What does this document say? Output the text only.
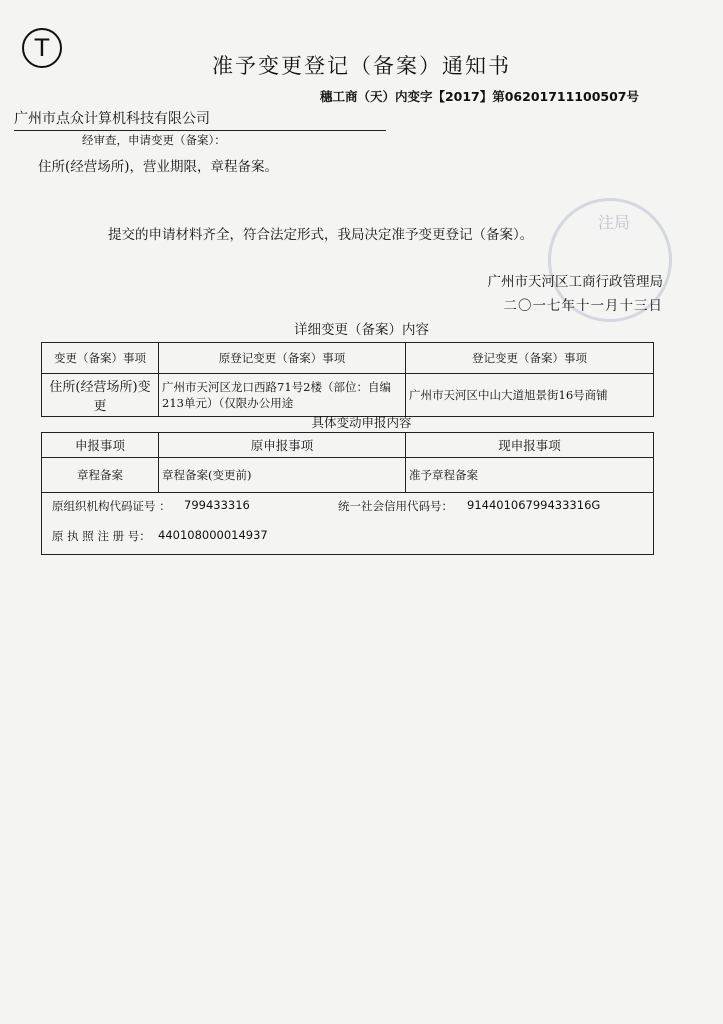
T
准予变更登记（备案）通知书
穗工商（天）内变字【2017】第06201711100507号
广州市点众计算机科技有限公司
经审查，申请变更（备案）：
住所(经营场所)，营业期限，章程备案。
提交的申请材料齐全，符合法定形式，我局决定准予变更登记（备案）。
注局
广州市天河区工商行政管理局
二〇一七年十一月十三日
详细变更（备案）内容
变更（备案）事项	原登记变更（备案）事项	登记变更（备案）事项
住所(经营场所)变更	广州市天河区龙口西路71号2楼（部位：自编213单元）（仅限办公用途	广州市天河区中山大道旭景街16号商铺
具体变动申报内容
申报事项	原申报事项	现申报事项
章程备案	章程备案(变更前)	准予章程备案
原组织机构代码证号 ： 799433316	统一社会信用代码号： 91440106799433316G
原 执 照 注 册 号： 440108000014937
